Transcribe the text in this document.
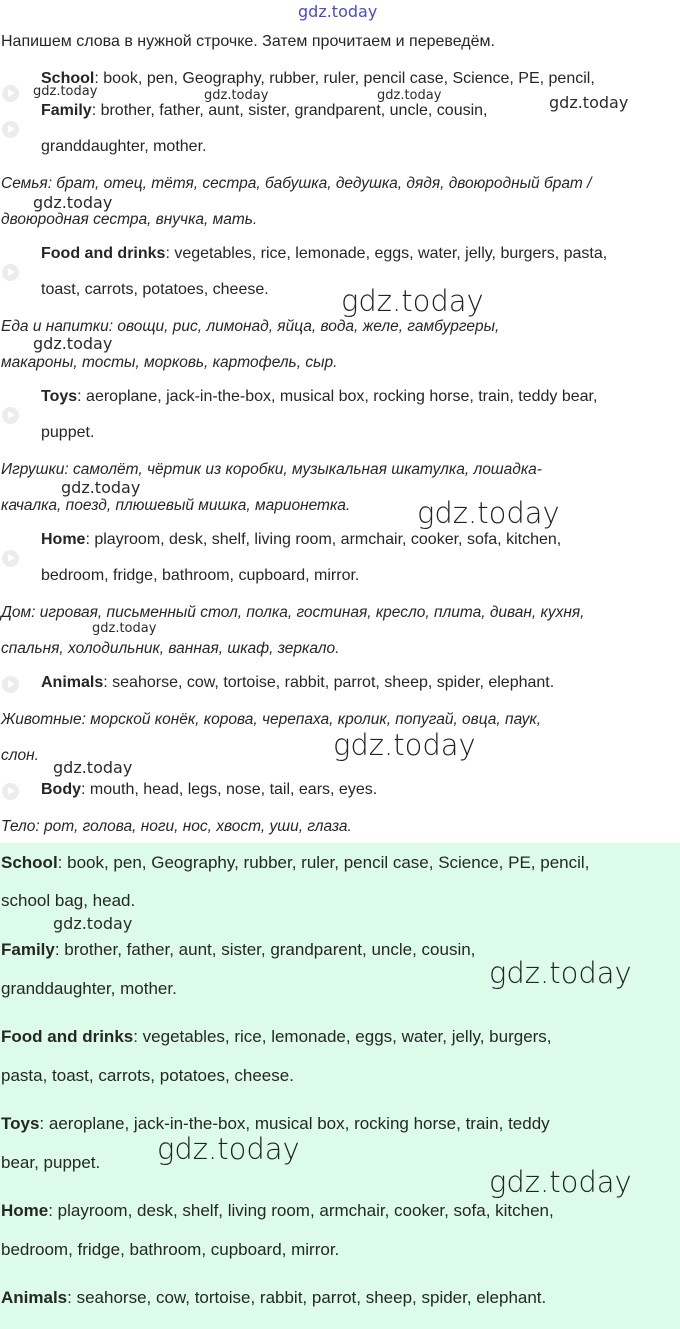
gdz.today
gdz.today	gdz.today	gdz.today	gdz.today
gdz.today
gdz.today
gdz.today
gdz.today
gdz.today
gdz.today
gdz.today
gdz.today
Напишем слова в нужной строчке. Затем прочитаем и переведём.
School: book, pen, Geography, rubber, ruler, pencil case, Science, PE, pencil,
Family: brother, father, aunt, sister, grandparent, uncle, cousin,
granddaughter, mother.
Семья: брат, отец, тётя, сестра, бабушка, дедушка, дядя, двоюродный брат /
двоюродная сестра, внучка, мать.
Food and drinks: vegetables, rice, lemonade, eggs, water, jelly, burgers, pasta,
toast, carrots, potatoes, cheese.
Еда и напитки: овощи, рис, лимонад, яйца, вода, желе, гамбургеры,
макароны, тосты, морковь, картофель, сыр.
Toys: aeroplane, jack-in-the-box, musical box, rocking horse, train, teddy bear,
puppet.
Игрушки: самолёт, чёртик из коробки, музыкальная шкатулка, лошадка-
качалка, поезд, плюшевый мишка, марионетка.
Home: playroom, desk, shelf, living room, armchair, cooker, sofa, kitchen,
bedroom, fridge, bathroom, cupboard, mirror.
Дом: игровая, письменный стол, полка, гостиная, кресло, плита, диван, кухня,
спальня, холодильник, ванная, шкаф, зеркало.
Animals: seahorse, cow, tortoise, rabbit, parrot, sheep, spider, elephant.
Животные: морской конёк, корова, черепаха, кролик, попугай, овца, паук,
слон.
Body: mouth, head, legs, nose, tail, ears, eyes.
Тело: рот, голова, ноги, нос, хвост, уши, глаза.
School: book, pen, Geography, rubber, ruler, pencil case, Science, PE, pencil,
school bag, head.
Family: brother, father, aunt, sister, grandparent, uncle, cousin,
granddaughter, mother.
Food and drinks: vegetables, rice, lemonade, eggs, water, jelly, burgers,
pasta, toast, carrots, potatoes, cheese.
Toys: aeroplane, jack-in-the-box, musical box, rocking horse, train, teddy
bear, puppet.
Home: playroom, desk, shelf, living room, armchair, cooker, sofa, kitchen,
bedroom, fridge, bathroom, cupboard, mirror.
Animals: seahorse, cow, tortoise, rabbit, parrot, sheep, spider, elephant.
gdz.today
gdz.today
gdz.today
gdz.today
